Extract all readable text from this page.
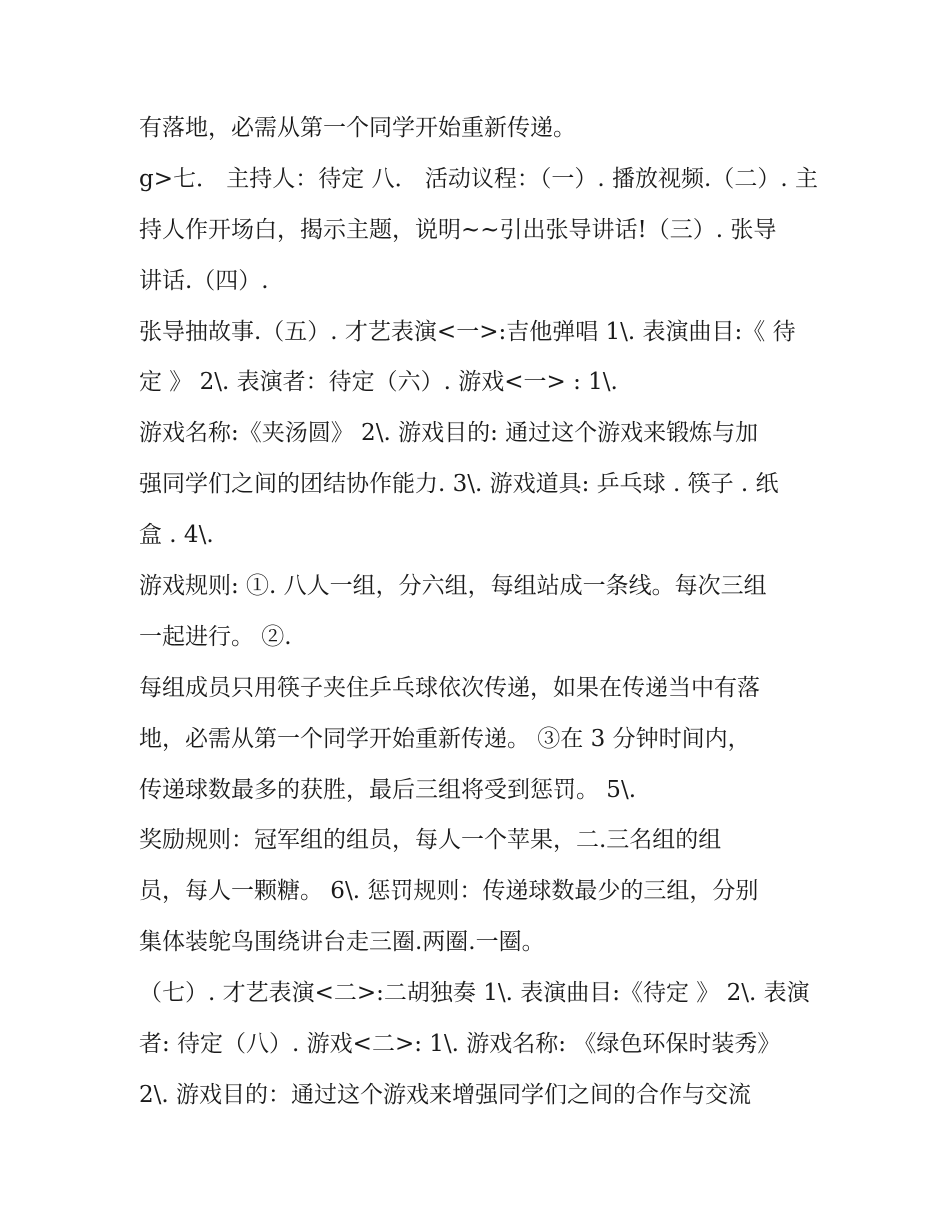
有落地，必需从第一个同学开始重新传递。
g>七． 主持人：待定 八． 活动议程：（一）. 播放视频.（二）. 主
持人作开场白，揭示主题，说明~~引出张导讲话!（三）. 张导
讲话.（四）.
张导抽故事.（五）. 才艺表演<一>:吉他弹唱 1\. 表演曲目:《 待
定 》 2\. 表演者：待定（六）. 游戏<一> : 1\.
游戏名称:《夹汤圆》 2\. 游戏目的: 通过这个游戏来锻炼与加
强同学们之间的团结协作能力. 3\. 游戏道具: 乒乓球 . 筷子 . 纸
盒 . 4\.
游戏规则: ①. 八人一组，分六组，每组站成一条线。每次三组
一起进行。 ②.
每组成员只用筷子夹住乒乓球依次传递，如果在传递当中有落
地，必需从第一个同学开始重新传递。 ③在 3 分钟时间内，
传递球数最多的获胜，最后三组将受到惩罚。 5\.
奖励规则：冠军组的组员，每人一个苹果，二.三名组的组
员，每人一颗糖。 6\. 惩罚规则：传递球数最少的三组，分别
集体装鸵鸟围绕讲台走三圈.两圈.一圈。
（七）. 才艺表演<二>:二胡独奏 1\. 表演曲目:《待定 》 2\. 表演
者: 待定（八）. 游戏<二>: 1\. 游戏名称: 《绿色环保时装秀》
2\. 游戏目的：通过这个游戏来增强同学们之间的合作与交流
